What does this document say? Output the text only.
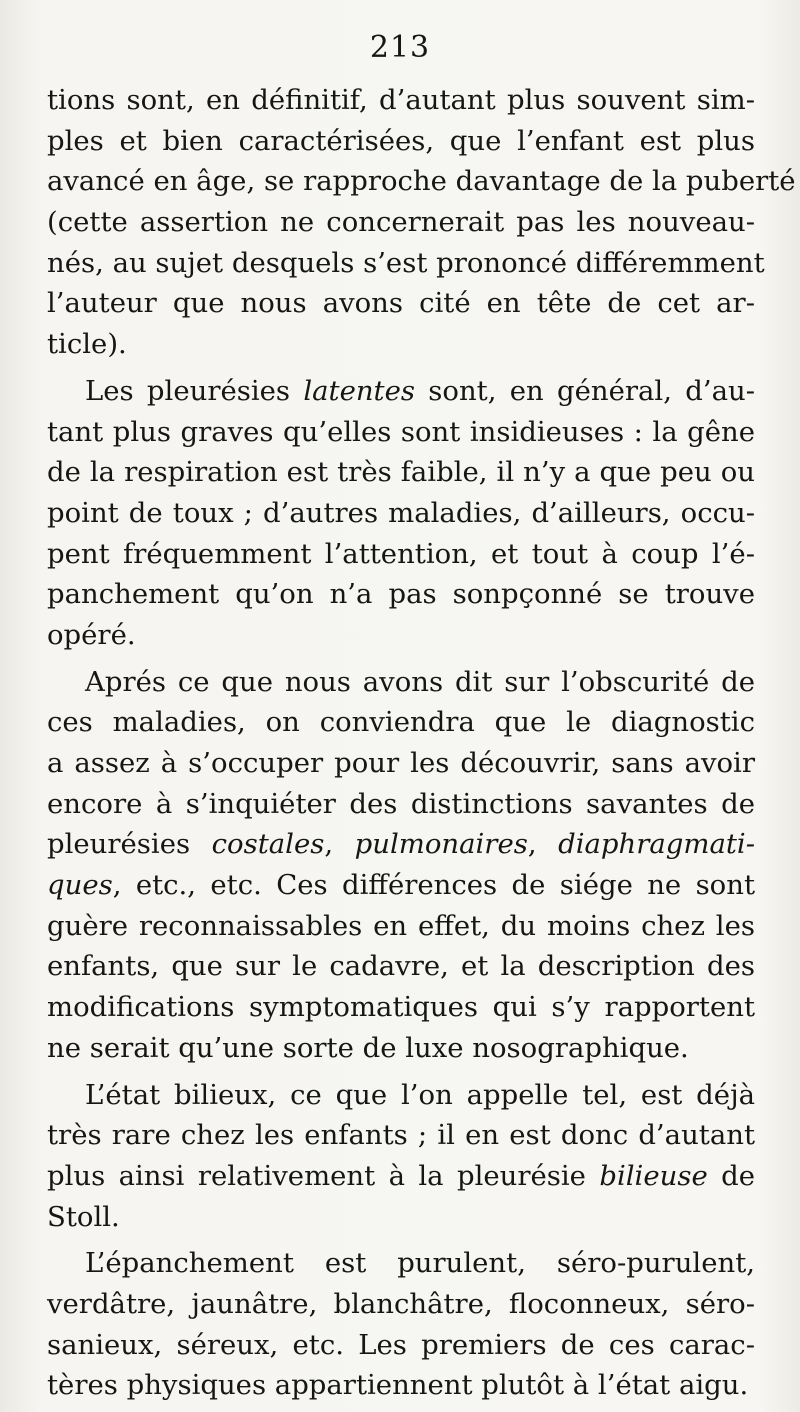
213
tions sont, en définitif, d’autant plus souvent sim-
ples et bien caractérisées, que l’enfant est plus
avancé en âge, se rapproche davantage de la puberté
(cette assertion ne concernerait pas les nouveau-
nés, au sujet desquels s’est prononcé différemment
l’auteur que nous avons cité en tête de cet ar-
ticle).
Les pleurésies latentes sont, en général, d’au-
tant plus graves qu’elles sont insidieuses : la gêne
de la respiration est très faible, il n’y a que peu ou
point de toux ; d’autres maladies, d’ailleurs, occu-
pent fréquemment l’attention, et tout à coup l’é-
panchement qu’on n’a pas sonpçonné se trouve
opéré.
Aprés ce que nous avons dit sur l’obscurité de
ces maladies, on conviendra que le diagnostic
a assez à s’occuper pour les découvrir, sans avoir
encore à s’inquiéter des distinctions savantes de
pleurésies costales, pulmonaires, diaphragmati-
ques, etc., etc. Ces différences de siége ne sont
guère reconnaissables en effet, du moins chez les
enfants, que sur le cadavre, et la description des
modifications symptomatiques qui s’y rapportent
ne serait qu’une sorte de luxe nosographique.
L’état bilieux, ce que l’on appelle tel, est déjà
très rare chez les enfants ; il en est donc d’autant
plus ainsi relativement à la pleurésie bilieuse de
Stoll.
L’épanchement est purulent, séro-purulent,
verdâtre, jaunâtre, blanchâtre, floconneux, séro-
sanieux, séreux, etc. Les premiers de ces carac-
tères physiques appartiennent plutôt à l’état aigu.
